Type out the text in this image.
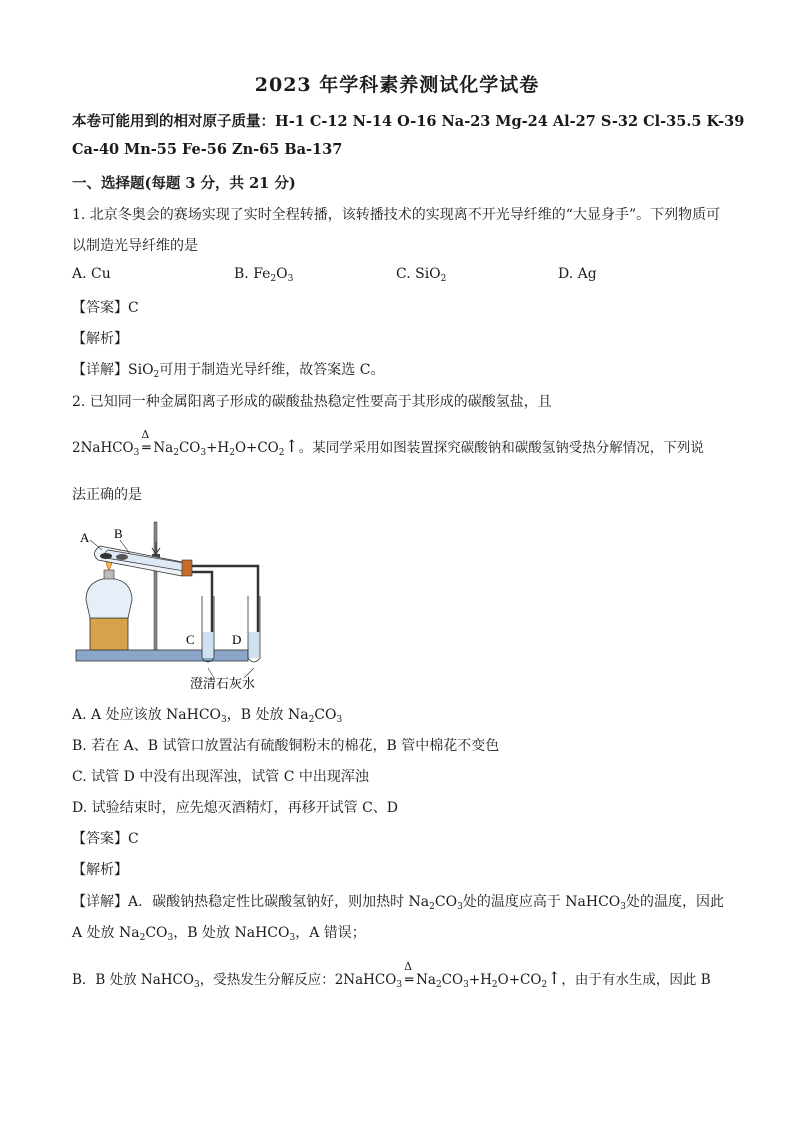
2023 年学科素养测试化学试卷
本卷可能用到的相对原子质量：H-1 C-12 N-14 O-16 Na-23 Mg-24 Al-27 S-32 Cl-35.5 K-39
Ca-40 Mn-55 Fe-56 Zn-65 Ba-137
一、选择题(每题 3 分，共 21 分)
1. 北京冬奥会的赛场实现了实时全程转播，该转播技术的实现离不开光导纤维的“大显身手”。下列物质可
以制造光导纤维的是
A. Cu	B. $Fe_2O_3$	C. SiO$_2$	D. Ag
【答案】C
【解析】
【详解】SiO$_2$可用于制造光导纤维，故答案选 C。
2. 已知同一种金属阳离子形成的碳酸盐热稳定性要高于其形成的碳酸氢盐，且
2NaHCO$_3$
Δ
═ $Na_2CO_3+H_2O+CO_2↑$。某同学采用如图装置探究碳酸钠和碳酸氢钠受热分解情况，下列说
法正确的是
A B
C	D
澄清石灰水
A. A 处应该放 NaHCO$_3$，B 处放 $Na_2CO_3$
B. 若在 A、B 试管口放置沾有硫酸铜粉末的棉花，B 管中棉花不变色
C. 试管 D 中没有出现浑浊，试管 C 中出现浑浊
D. 试验结束时，应先熄灭酒精灯，再移开试管 C、D
【答案】C
【解析】
【详解】A．碳酸钠热稳定性比碳酸氢钠好，则加热时 $Na_2CO_3$处的温度应高于 NaHCO$_3$处的温度，因此
A 处放 $Na_2CO_3$，B 处放 NaHCO$_3$，A 错误；
B．B 处放 NaHCO$_3$，受热发生分解反应：2NaHCO$_3$
Δ
═ $Na_2CO_3+H_2O+CO_2↑$，由于有水生成，因此 B
